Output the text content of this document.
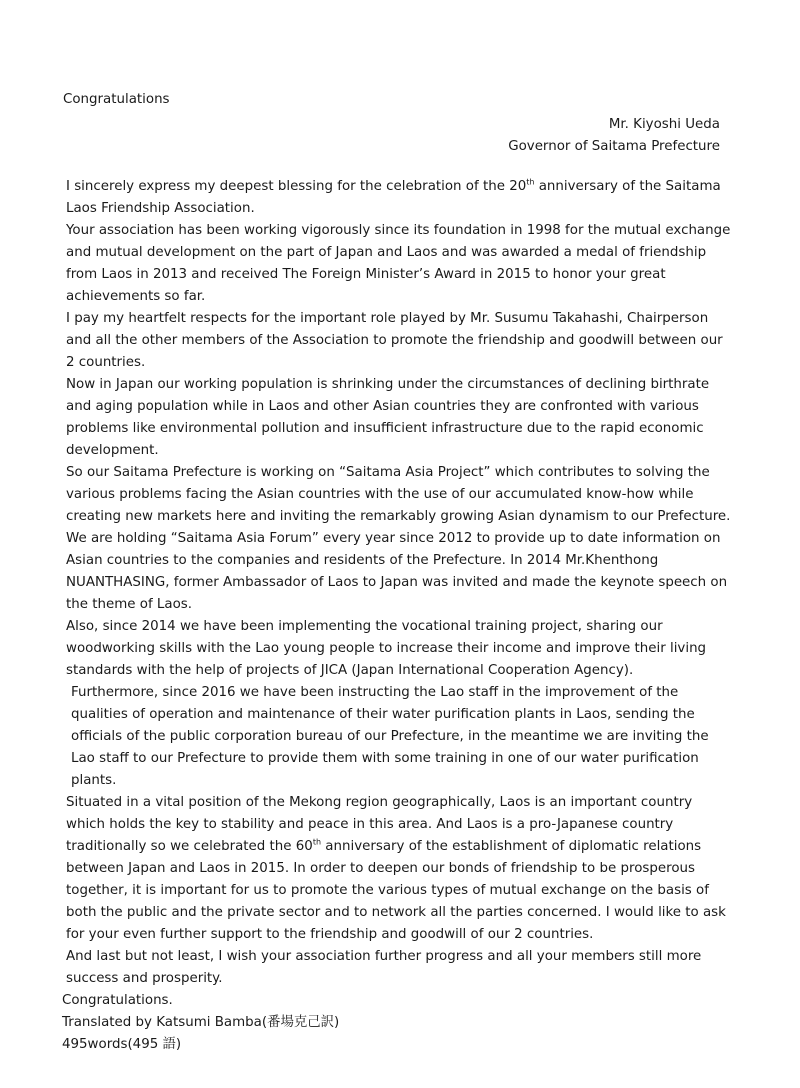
Congratulations
Mr. Kiyoshi Ueda
Governor of Saitama Prefecture

I sincerely express my deepest blessing for the celebration of the 20th anniversary of the Saitama Laos Friendship Association.

Your association has been working vigorously since its foundation in 1998 for the mutual exchange and mutual development on the part of Japan and Laos and was awarded a medal of friendship from Laos in 2013 and received The Foreign Minister’s Award in 2015 to honor your great achievements so far.

I pay my heartfelt respects for the important role played by Mr. Susumu Takahashi, Chairperson and all the other members of the Association to promote the friendship and goodwill between our 2 countries.

Now in Japan our working population is shrinking under the circumstances of declining birthrate and aging population while in Laos and other Asian countries they are confronted with various problems like environmental pollution and insufficient infrastructure due to the rapid economic development.

So our Saitama Prefecture is working on “Saitama Asia Project” which contributes to solving the various problems facing the Asian countries with the use of our accumulated know-how while creating new markets here and inviting the remarkably growing Asian dynamism to our Prefecture.

We are holding “Saitama Asia Forum” every year since 2012 to provide up to date information on Asian countries to the companies and residents of the Prefecture. In 2014 Mr.Khenthong NUANTHASING, former Ambassador of Laos to Japan was invited and made the keynote speech on the theme of Laos.

Also, since 2014 we have been implementing the vocational training project, sharing our woodworking skills with the Lao young people to increase their income and improve their living standards with the help of projects of JICA (Japan International Cooperation Agency).

Furthermore, since 2016 we have been instructing the Lao staff in the improvement of the qualities of operation and maintenance of their water purification plants in Laos, sending the officials of the public corporation bureau of our Prefecture, in the meantime we are inviting the Lao staff to our Prefecture to provide them with some training in one of our water purification plants.

Situated in a vital position of the Mekong region geographically, Laos is an important country which holds the key to stability and peace in this area. And Laos is a pro-Japanese country traditionally so we celebrated the 60th anniversary of the establishment of diplomatic relations between Japan and Laos in 2015. In order to deepen our bonds of friendship to be prosperous together, it is important for us to promote the various types of mutual exchange on the basis of both the public and the private sector and to network all the parties concerned. I would like to ask for your even further support to the friendship and goodwill of our 2 countries.

And last but not least, I wish your association further progress and all your members still more success and prosperity.

Congratulations.

Translated by Katsumi Bamba(番場克己訳)

495words(495 語)
